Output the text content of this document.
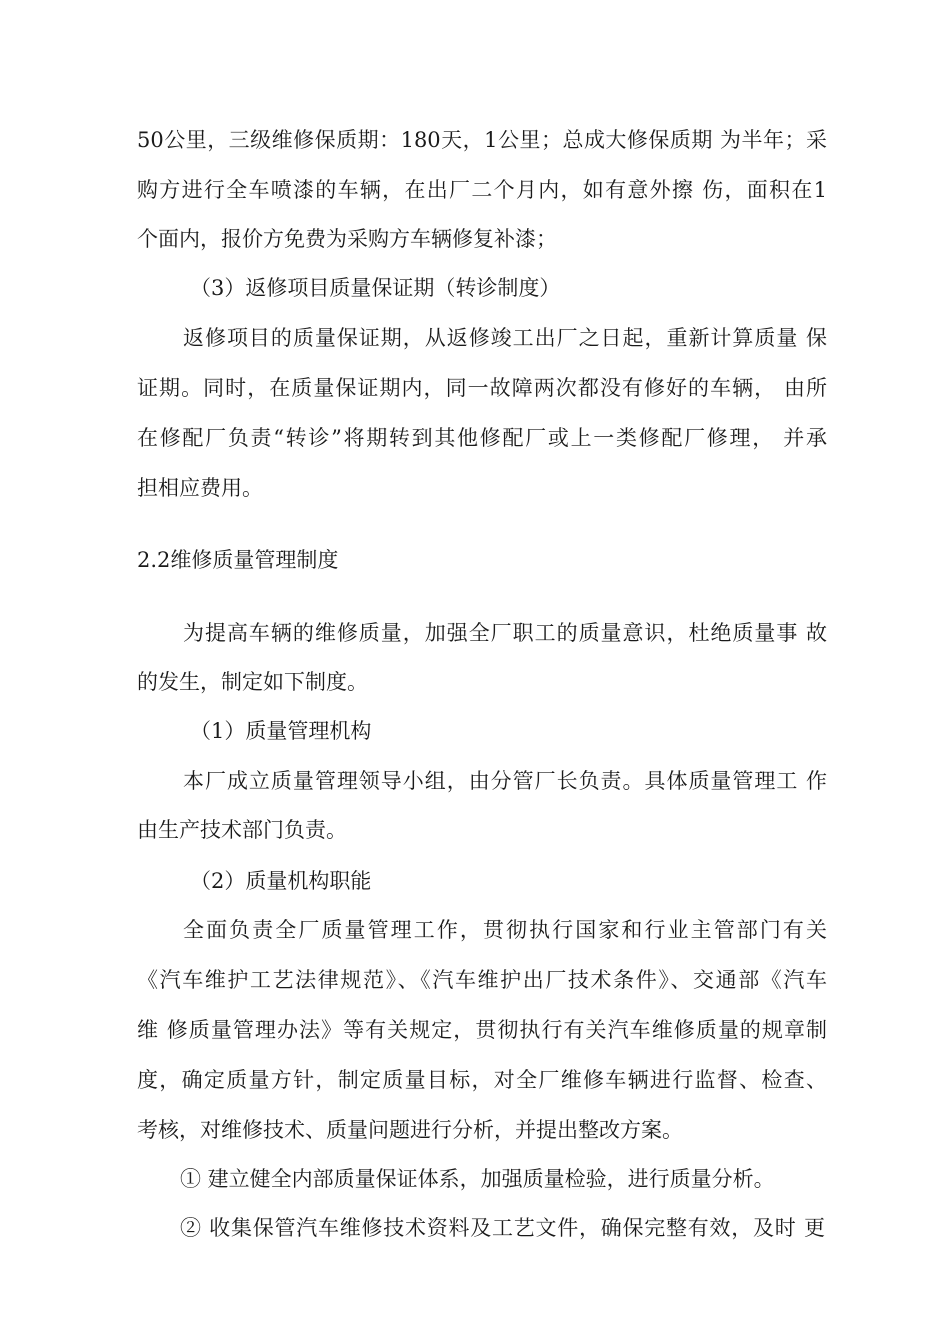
50公里，三级维修保质期：180天，1公里；总成大修保质期 为半年；采
购方进行全车喷漆的车辆，在出厂二个月内，如有意外擦 伤，面积在1
个面内，报价方免费为采购方车辆修复补漆；
（3）返修项目质量保证期（转诊制度）
返修项目的质量保证期，从返修竣工出厂之日起，重新计算质量 保
证期。同时，在质量保证期内，同一故障两次都没有修好的车辆， 由所
在修配厂负责“转诊”将期转到其他修配厂或上一类修配厂修理， 并承
担相应费用。
2.2维修质量管理制度
为提高车辆的维修质量，加强全厂职工的质量意识，杜绝质量事 故
的发生，制定如下制度。
（1）质量管理机构
本厂成立质量管理领导小组，由分管厂长负责。具体质量管理工 作
由生产技术部门负责。
（2）质量机构职能
全面负责全厂质量管理工作，贯彻执行国家和行业主管部门有关
《汽车维护工艺法律规范》、《汽车维护出厂技术条件》、交通部《汽车
维 修质量管理办法》等有关规定，贯彻执行有关汽车维修质量的规章制
度，确定质量方针，制定质量目标，对全厂维修车辆进行监督、检查、
考核，对维修技术、质量问题进行分析，并提出整改方案。
① 建立健全内部质量保证体系，加强质量检验，进行质量分析。
② 收集保管汽车维修技术资料及工艺文件，确保完整有效，及时 更
